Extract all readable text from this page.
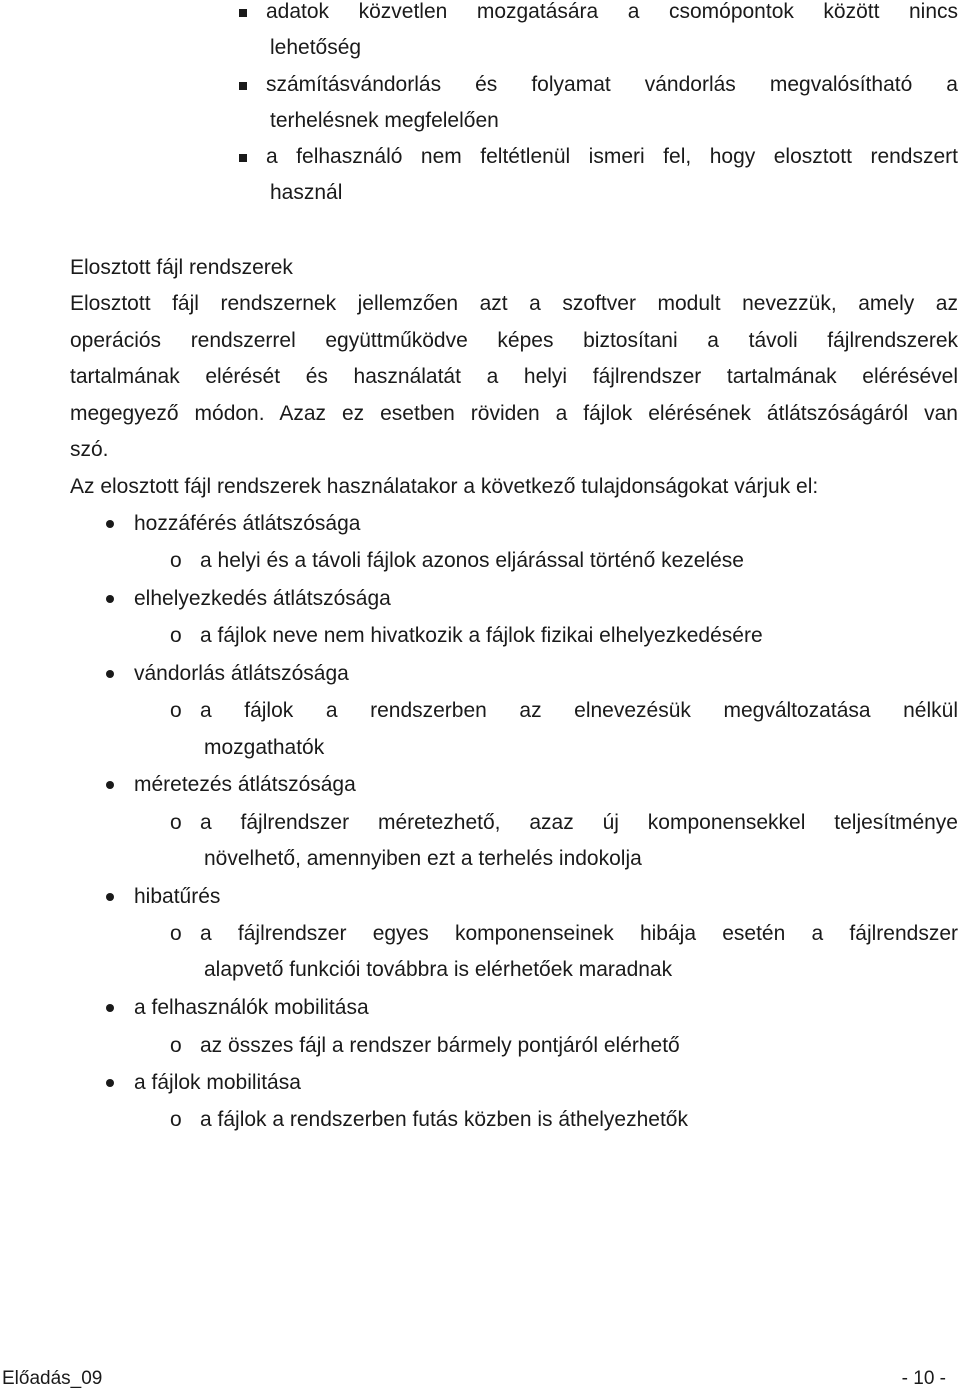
adatok közvetlen mozgatására a csomópontok között nincs
lehetőség
számításvándorlás és folyamat vándorlás megvalósítható a
terhelésnek megfelelően
a felhasználó nem feltétlenül ismeri fel, hogy elosztott rendszert
használ
Elosztott fájl rendszerek
Elosztott fájl rendszernek jellemzően azt a szoftver modult nevezzük, amely az
operációs rendszerrel együttműködve képes biztosítani a távoli fájlrendszerek
tartalmának elérését és használatát a helyi fájlrendszer tartalmának elérésével
megegyező módon. Azaz ez esetben röviden a fájlok elérésének átlátszóságáról van
szó.
Az elosztott fájl rendszerek használatakor a következő tulajdonságokat várjuk el:
hozzáférés átlátszósága
o a helyi és a távoli fájlok azonos eljárással történő kezelése
elhelyezkedés átlátszósága
o a fájlok neve nem hivatkozik a fájlok fizikai elhelyezkedésére
vándorlás átlátszósága
o a fájlok a rendszerben az elnevezésük megváltozatása nélkül
mozgathatók
méretezés átlátszósága
o a fájlrendszer méretezhető, azaz új komponensekkel teljesítménye
növelhető, amennyiben ezt a terhelés indokolja
hibatűrés
o a fájlrendszer egyes komponenseinek hibája esetén a fájlrendszer
alapvető funkciói továbbra is elérhetőek maradnak
a felhasználók mobilitása
o az összes fájl a rendszer bármely pontjáról elérhető
a fájlok mobilitása
o a fájlok a rendszerben futás közben is áthelyezhetők
Előadás_09	- 10 -
